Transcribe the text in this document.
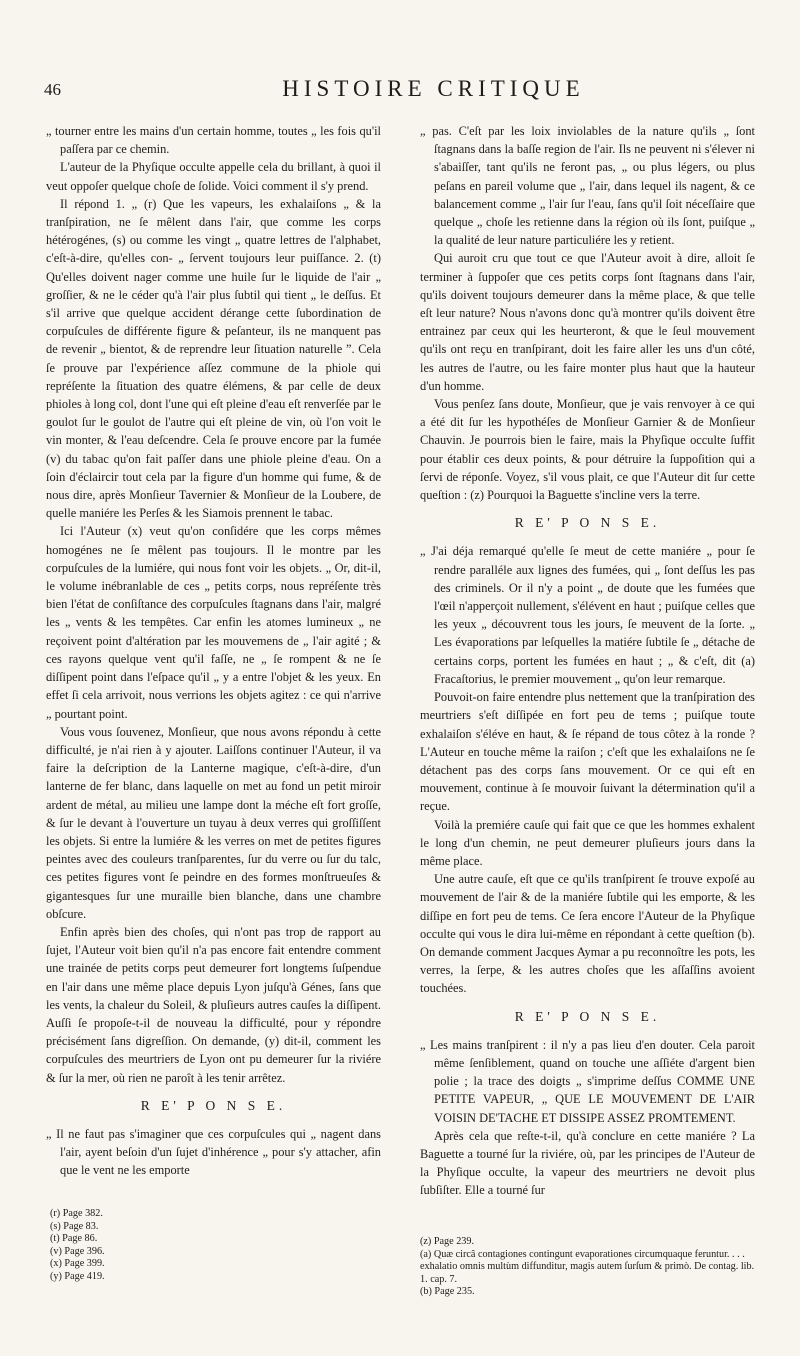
46	HISTOIRE CRITIQUE

„ tourner entre les mains d'un certain homme, toutes „ les fois qu'il paſſera par ce chemin.

L'auteur de la Phyſique occulte appelle cela du brillant, à quoi il veut oppoſer quelque choſe de ſolide. Voici comment il s'y prend.

Il répond 1. „ (r) Que les vapeurs, les exhalaiſons „ & la tranſpiration, ne ſe mêlent dans l'air, que comme les corps hétérogénes, (s) ou comme les vingt „ quatre lettres de l'alphabet, c'eſt-à-dire, qu'elles con- „ ſervent toujours leur puiſſance. 2. (t) Qu'elles doivent nager comme une huile ſur le liquide de l'air „ groſſier, & ne le céder qu'à l'air plus ſubtil qui tient „ le deſſus. Et s'il arrive que quelque accident dérange cette ſubordination de corpuſcules de différente figure & peſanteur, ils ne manquent pas de revenir „ bientot, & de reprendre leur ſituation naturelle ”. Cela ſe prouve par l'expérience aſſez commune de la phiole qui repréſente la ſituation des quatre élémens, & par celle de deux phioles à long col, dont l'une qui eſt pleine d'eau eſt renverſée par le goulot ſur le goulot de l'autre qui eſt pleine de vin, où l'on voit le vin monter, & l'eau deſcendre. Cela ſe prouve encore par la fumée (v) du tabac qu'on fait paſſer dans une phiole pleine d'eau. On a ſoin d'éclaircir tout cela par la figure d'un homme qui fume, & de nous dire, après Monſieur Tavernier & Monſieur de la Loubere, de quelle maniére les Perſes & les Siamois prennent le tabac.

Ici l'Auteur (x) veut qu'on conſidére que les corps mêmes homogénes ne ſe mêlent pas toujours. Il le montre par les corpuſcules de la lumiére, qui nous font voir les objets. „ Or, dit-il, le volume inébranlable de ces „ petits corps, nous repréſente très bien l'état de conſiſtance des corpuſcules ſtagnans dans l'air, malgré les „ vents & les tempêtes. Car enfin les atomes lumineux „ ne reçoivent point d'altération par les mouvemens de „ l'air agité ; & ces rayons quelque vent qu'il faſſe, ne „ ſe rompent & ne ſe diſſipent point dans l'eſpace qu'il „ y a entre l'objet & les yeux. En effet ſi cela arrivoit, nous verrions les objets agitez : ce qui n'arrive „ pourtant point.

Vous vous ſouvenez, Monſieur, que nous avons répondu à cette difficulté, je n'ai rien à y ajouter. Laiſſons continuer l'Auteur, il va faire la deſcription de la Lanterne magique, c'eſt-à-dire, d'un lanterne de fer blanc, dans laquelle on met au fond un petit miroir ardent de métal, au milieu une lampe dont la méche eſt fort groſſe, & ſur le devant à l'ouverture un tuyau à deux verres qui groſſiſſent les objets. Si entre la lumiére & les verres on met de petites figures peintes avec des couleurs tranſparentes, ſur du verre ou ſur du talc, ces petites figures vont ſe peindre en des formes monſtrueuſes & gigantesques ſur une muraille bien blanche, dans une chambre obſcure.

Enfin après bien des choſes, qui n'ont pas trop de rapport au ſujet, l'Auteur voit bien qu'il n'a pas encore fait entendre comment une trainée de petits corps peut demeurer fort longtems ſuſpendue en l'air dans une même place depuis Lyon juſqu'à Génes, ſans que les vents, la chaleur du Soleil, & pluſieurs autres cauſes la diſſipent. Auſſi ſe propoſe-t-il de nouveau la difficulté, pour y répondre précisément ſans digreſſion. On demande, (y) dit-il, comment les corpuſcules des meurtriers de Lyon ont pu demeurer ſur la riviére & ſur la mer, où rien ne paroît à les tenir arrêtez.

R E' P O N S E.

„ Il ne faut pas s'imaginer que ces corpuſcules qui „ nagent dans l'air, ayent beſoin d'un ſujet d'inhérence „ pour s'y attacher, afin que le vent ne les emporte

„ pas. C'eſt par les loix inviolables de la nature qu'ils „ ſont ſtagnans dans la baſſe region de l'air. Ils ne peuvent ni s'élever ni s'abaiſſer, tant qu'ils ne feront pas, „ ou plus légers, ou plus peſans en pareil volume que „ l'air, dans lequel ils nagent, & ce balancement comme „ l'air ſur l'eau, ſans qu'il ſoit néceſſaire que quelque „ choſe les retienne dans la région où ils ſont, puiſque „ la qualité de leur nature particuliére les y retient.

Qui auroit cru que tout ce que l'Auteur avoit à dire, alloit ſe terminer à ſuppoſer que ces petits corps ſont ſtagnans dans l'air, qu'ils doivent toujours demeurer dans la même place, & que telle eſt leur nature? Nous n'avons donc qu'à montrer qu'ils doivent être entrainez par ceux qui les heurteront, & que le ſeul mouvement qu'ils ont reçu en tranſpirant, doit les faire aller les uns d'un côté, les autres de l'autre, ou les faire monter plus haut que la hauteur d'un homme.

Vous penſez ſans doute, Monſieur, que je vais renvoyer à ce qui a été dit ſur les hypothéſes de Monſieur Garnier & de Monſieur Chauvin. Je pourrois bien le faire, mais la Phyſique occulte ſuffit pour établir ces deux points, & pour détruire la ſuppoſition qui a ſervi de réponſe. Voyez, s'il vous plait, ce que l'Auteur dit ſur cette queſtion : (z) Pourquoi la Baguette s'incline vers la terre.

R E' P O N S E.

„ J'ai déja remarqué qu'elle ſe meut de cette maniére „ pour ſe rendre paralléle aux lignes des fumées, qui „ ſont deſſus les pas des criminels. Or il n'y a point „ de doute que les fumées que l'œil n'apperçoit nullement, s'élévent en haut ; puiſque celles que les yeux „ découvrent tous les jours, ſe meuvent de la ſorte. „ Les évaporations par leſquelles la matiére ſubtile ſe „ détache de certains corps, portent les fumées en haut ; „ & c'eſt, dit (a) Fracaſtorius, le premier mouvement „ qu'on leur remarque.

Pouvoit-on faire entendre plus nettement que la tranſpiration des meurtriers s'eſt diſſipée en fort peu de tems ; puiſque toute exhalaiſon s'éléve en haut, & ſe répand de tous côtez à la ronde ? L'Auteur en touche même la raiſon ; c'eſt que les exhalaiſons ne ſe détachent pas des corps ſans mouvement. Or ce qui eſt en mouvement, continue à ſe mouvoir ſuivant la détermination qu'il a reçue.

Voilà la premiére cauſe qui fait que ce que les hommes exhalent le long d'un chemin, ne peut demeurer pluſieurs jours dans la même place.

Une autre cauſe, eſt que ce qu'ils tranſpirent ſe trouve expoſé au mouvement de l'air & de la maniére ſubtile qui les emporte, & les diſſipe en fort peu de tems. Ce ſera encore l'Auteur de la Phyſique occulte qui vous le dira lui-même en répondant à cette queſtion (b). On demande comment Jacques Aymar a pu reconnoître les pots, les verres, la ſerpe, & les autres choſes que les aſſaſſins avoient touchées.

R E' P O N S E.

„ Les mains tranſpirent : il n'y a pas lieu d'en douter. Cela paroit même ſenſiblement, quand on touche une aſſiéte d'argent bien polie ; la trace des doigts „ s'imprime deſſus COMME UNE PETITE VAPEUR, „ QUE LE MOUVEMENT DE L'AIR VOISIN DE'TACHE ET DISSIPE ASSEZ PROMTEMENT.

Après cela que reſte-t-il, qu'à conclure en cette maniére ? La Baguette a tourné ſur la riviére, où, par les principes de l'Auteur de la Phyſique occulte, la vapeur des meurtriers ne devoit plus ſubſiſter. Elle a tourné ſur

(r) Page 382.

(s) Page 83.

(t) Page 86.

(v) Page 396.

(x) Page 399.

(y) Page 419.

(z) Page 239.

(a) Quæ circâ contagiones contingunt evaporationes circumquaque feruntur. . . . exhalatio omnis multùm diffunditur, magis autem ſurſum & primò. De contag. lib. 1. cap. 7.

(b) Page 235.
